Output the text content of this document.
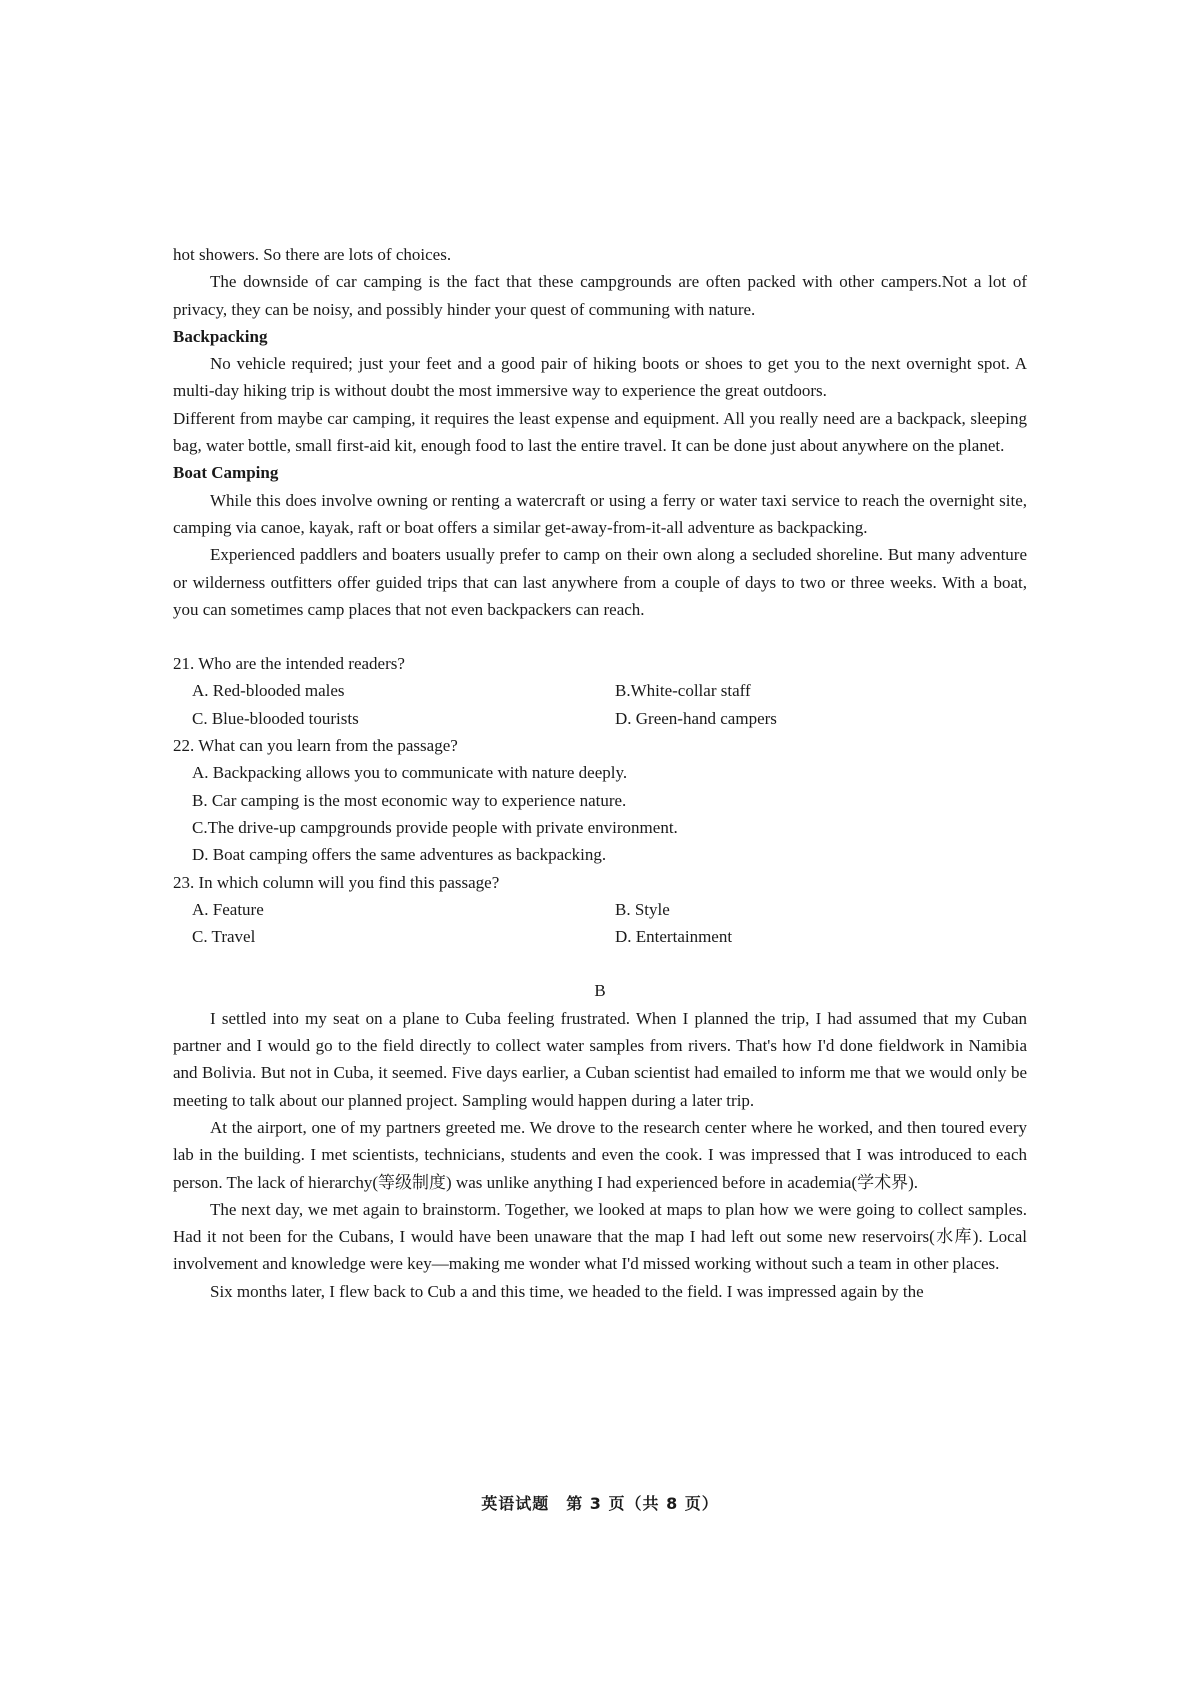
hot showers. So there are lots of choices.

The downside of car camping is the fact that these campgrounds are often packed with other campers.Not a lot of privacy, they can be noisy, and possibly hinder your quest of communing with nature.

Backpacking

No vehicle required; just your feet and a good pair of hiking boots or shoes to get you to the next overnight spot. A multi-day hiking trip is without doubt the most immersive way to experience the great outdoors.

Different from maybe car camping, it requires the least expense and equipment. All you really need are a backpack, sleeping bag, water bottle, small first-aid kit, enough food to last the entire travel. It can be done just about anywhere on the planet.

Boat Camping

While this does involve owning or renting a watercraft or using a ferry or water taxi service to reach the overnight site, camping via canoe, kayak, raft or boat offers a similar get-away-from-it-all adventure as backpacking.

Experienced paddlers and boaters usually prefer to camp on their own along a secluded shoreline. But many adventure or wilderness outfitters offer guided trips that can last anywhere from a couple of days to two or three weeks. With a boat, you can sometimes camp places that not even backpackers can reach.

21. Who are the intended readers?
A. Red-blooded males	B.White-collar staff
C. Blue-blooded tourists	D. Green-hand campers
22. What can you learn from the passage?
A. Backpacking allows you to communicate with nature deeply.
B. Car camping is the most economic way to experience nature.
C.The drive-up campgrounds provide people with private environment.
D. Boat camping offers the same adventures as backpacking.
23. In which column will you find this passage?
A. Feature	B. Style
C. Travel	D. Entertainment
B

I settled into my seat on a plane to Cuba feeling frustrated. When I planned the trip, I had assumed that my Cuban partner and I would go to the field directly to collect water samples from rivers. That's how I'd done fieldwork in Namibia and Bolivia. But not in Cuba, it seemed. Five days earlier, a Cuban scientist had emailed to inform me that we would only be meeting to talk about our planned project. Sampling would happen during a later trip.

At the airport, one of my partners greeted me. We drove to the research center where he worked, and then toured every lab in the building. I met scientists, technicians, students and even the cook. I was impressed that I was introduced to each person. The lack of hierarchy(等级制度) was unlike anything I had experienced before in academia(学术界).

The next day, we met again to brainstorm. Together, we looked at maps to plan how we were going to collect samples. Had it not been for the Cubans, I would have been unaware that the map I had left out some new reservoirs(水库). Local involvement and knowledge were key—making me wonder what I'd missed working without such a team in other places.

Six months later, I flew back to Cub a and this time, we headed to the field. I was impressed again by the

英语试题　第 3 页（共 8 页）
